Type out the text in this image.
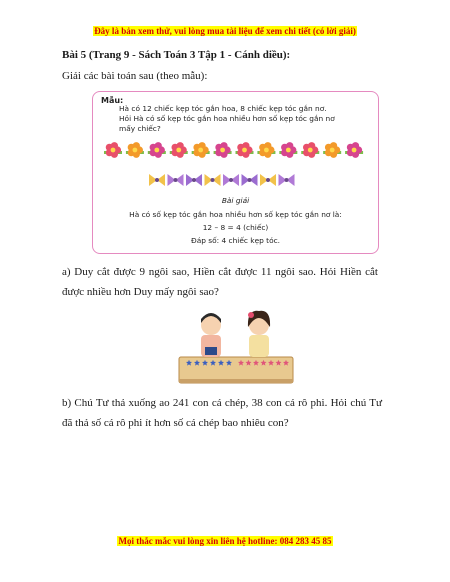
Đây là bản xem thử, vui lòng mua tài liệu để xem chi tiết (có lời giải)
Bài 5 (Trang 9 - Sách Toán 3 Tập 1 - Cánh diều):
Giải các bài toán sau (theo mẫu):
Mẫu:
Hà có 12 chiếc kẹp tóc gắn hoa, 8 chiếc kẹp tóc gắn nơ.
Hỏi Hà có số kẹp tóc gắn hoa nhiều hơn số kẹp tóc gắn nơ
mấy chiếc?
Bài giải
Hà có số kẹp tóc gắn hoa nhiều hơn số kẹp tóc gắn nơ là:
12 – 8 = 4 (chiếc)
Đáp số: 4 chiếc kẹp tóc.
a) Duy cắt được 9 ngôi sao, Hiền cắt được 11 ngôi sao. Hỏi Hiền cắt được nhiều hơn Duy mấy ngôi sao?
b) Chú Tư thả xuống ao 241 con cá chép, 38 con cá rô phi. Hỏi chú Tư đã thả số cá rô phi ít hơn số cá chép bao nhiêu con?
Mọi thắc mắc vui lòng xin liên hệ hotline: 084 283 45 85
